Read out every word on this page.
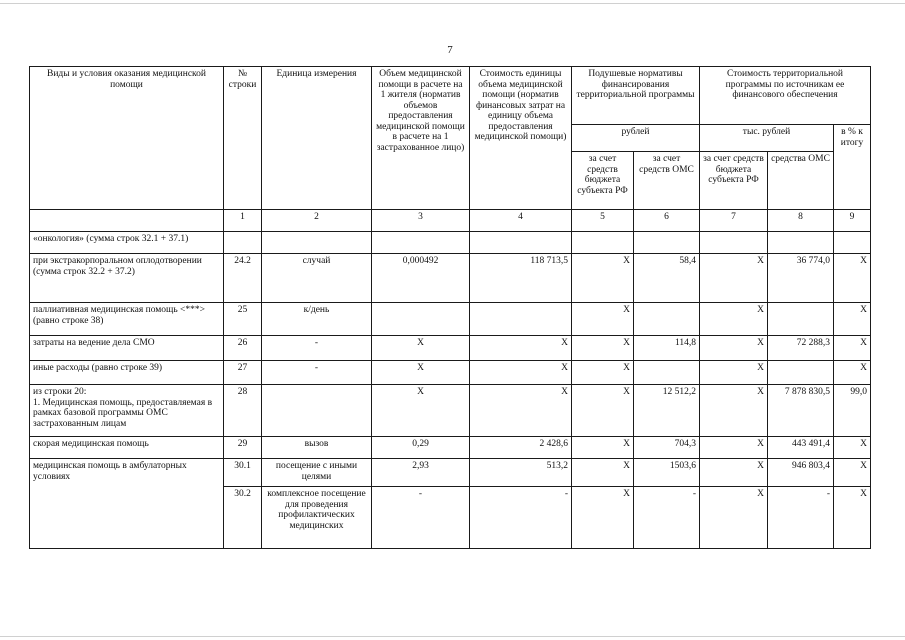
7
Виды и условия оказания медицинской помощи	№ строки	Единица измерения	Объем медицинской помощи в расчете на 1 жителя (норматив объемов предоставления медицинской помощи в расчете на 1 застрахованное лицо)	Стоимость единицы объема медицинской помощи (норматив финансовых затрат на единицу объема предоставления медицинской помощи)	Подушевые нормативы финансирования территориальной программы		Стоимость территориальной программы по источникам ее финансового обеспечения		
					рублей		тыс. рублей		в % к итогу
					за счет средств бюджета субъекта РФ	за счет средств ОМС	за счет средств бюджета субъекта РФ	средства ОМС	
	1	2	3	4	5	6	7	8	9
«онкология» (сумма строк 32.1 + 37.1)									
при экстракорпоральном оплодотворении (сумма строк 32.2 + 37.2)	24.2	случай	0,000492	118 713,5	X	58,4	X	36 774,0	X
паллиативная медицинская помощь <***> (равно строке 38)	25	к/день			X		X		X
затраты на ведение дела СМО	26	-	X	X	X	114,8	X	72 288,3	X
иные расходы (равно строке 39)	27	-	X	X	X		X		X
из строки 20:
1. Медицинская помощь, предоставляемая в рамках базовой программы ОМС застрахованным лицам	28		X	X	X	12 512,2	X	7 878 830,5	99,0
скорая медицинская помощь	29	вызов	0,29	2 428,6	X	704,3	X	443 491,4	X
медицинская помощь в амбулаторных условиях	30.1	посещение с иными целями	2,93	513,2	X	1503,6	X	946 803,4	X
	30.2	комплексное посещение для проведения профилактических медицинских	-	-	X	-	X	-	X
